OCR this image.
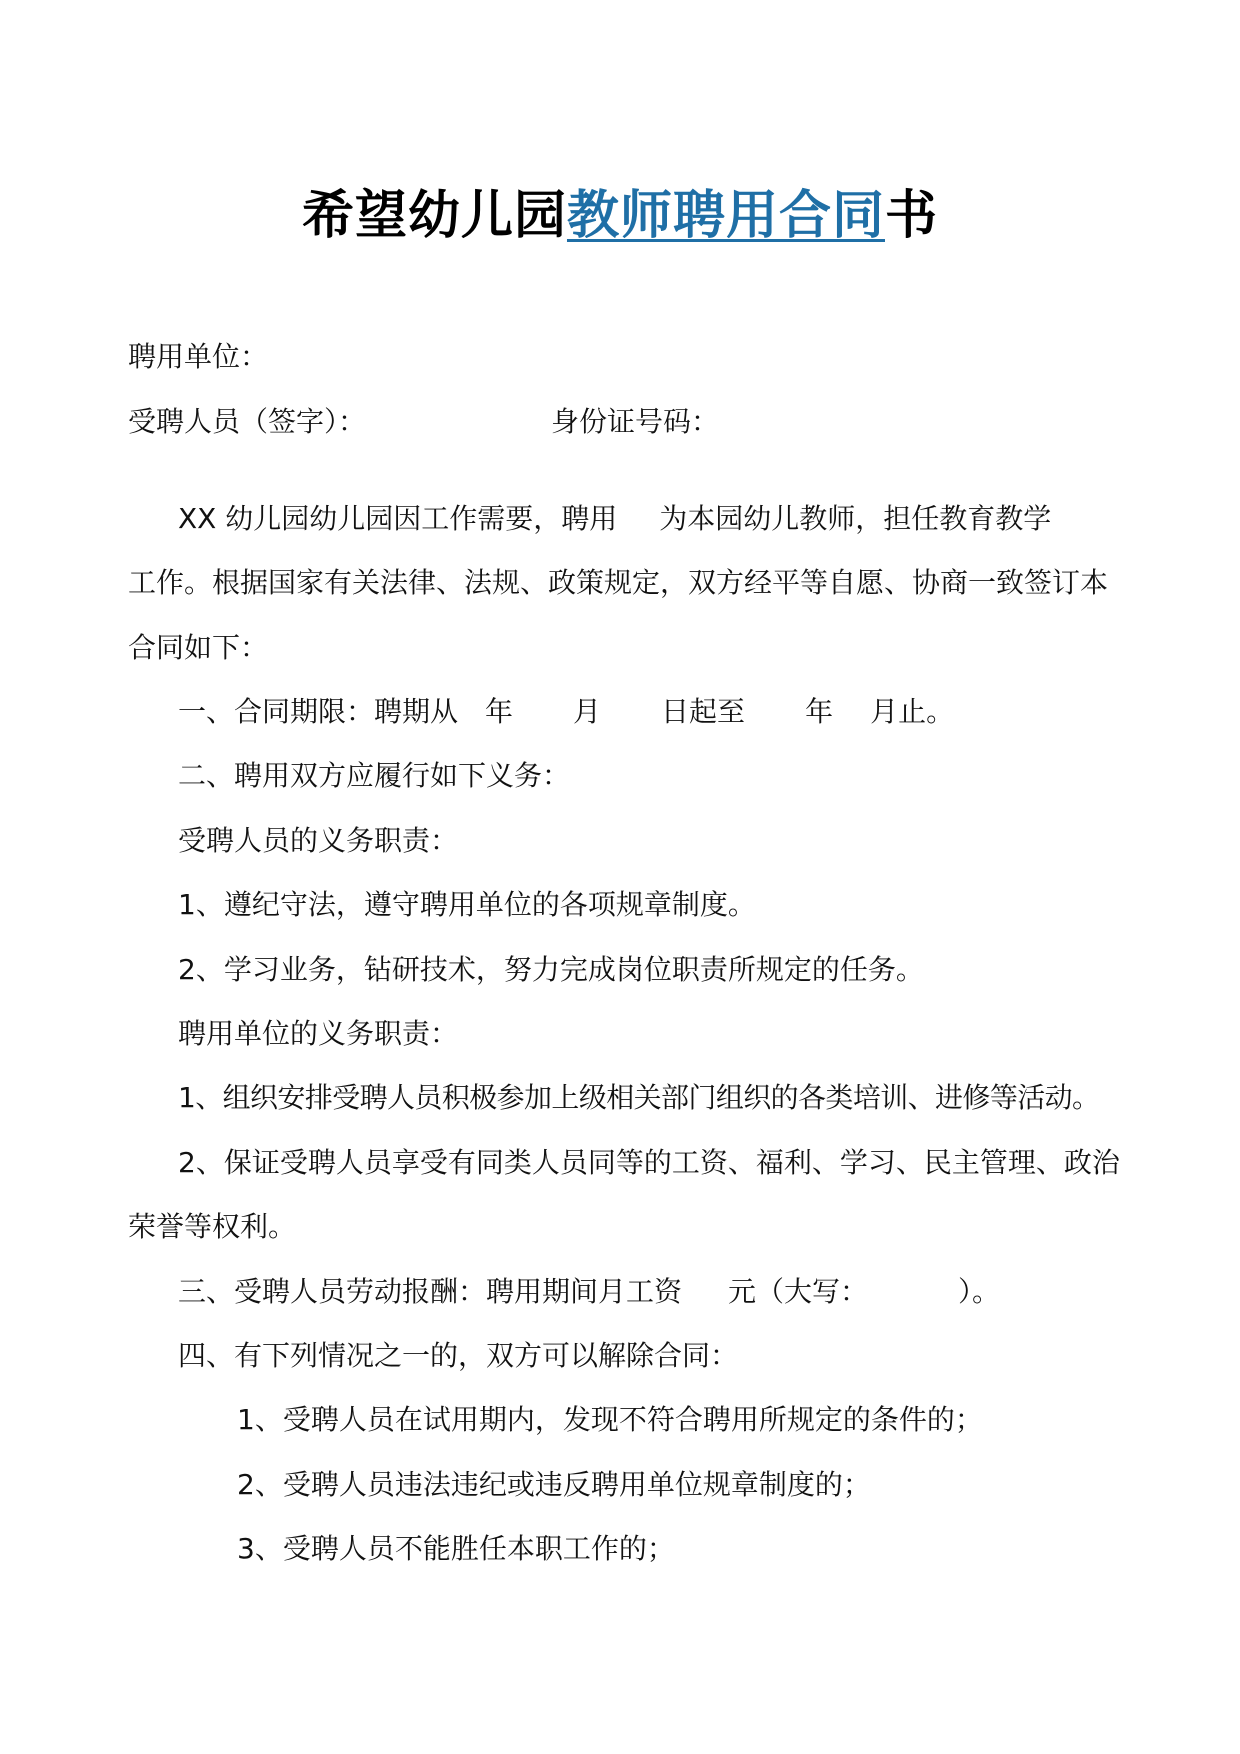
希望幼儿园教师聘用合同书
聘用单位：
受聘人员（签字）：	身份证号码：
XX 幼儿园幼儿园因工作需要，聘用 为本园幼儿教师，担任教育教学
工作。根据国家有关法律、法规、政策规定，双方经平等自愿、协商一致签订本
合同如下：
一、合同期限：聘期从 年 月 日起至 年 月止。
二、聘用双方应履行如下义务：
受聘人员的义务职责：
1、遵纪守法，遵守聘用单位的各项规章制度。
2、学习业务，钻研技术，努力完成岗位职责所规定的任务。
聘用单位的义务职责：
1、组织安排受聘人员积极参加上级相关部门组织的各类培训、进修等活动。
2、保证受聘人员享受有同类人员同等的工资、福利、学习、民主管理、政治
荣誉等权利。
三、受聘人员劳动报酬：聘用期间月工资 元（大写：	）。
四、有下列情况之一的，双方可以解除合同：
1、受聘人员在试用期内，发现不符合聘用所规定的条件的；
2、受聘人员违法违纪或违反聘用单位规章制度的；
3、受聘人员不能胜任本职工作的；
